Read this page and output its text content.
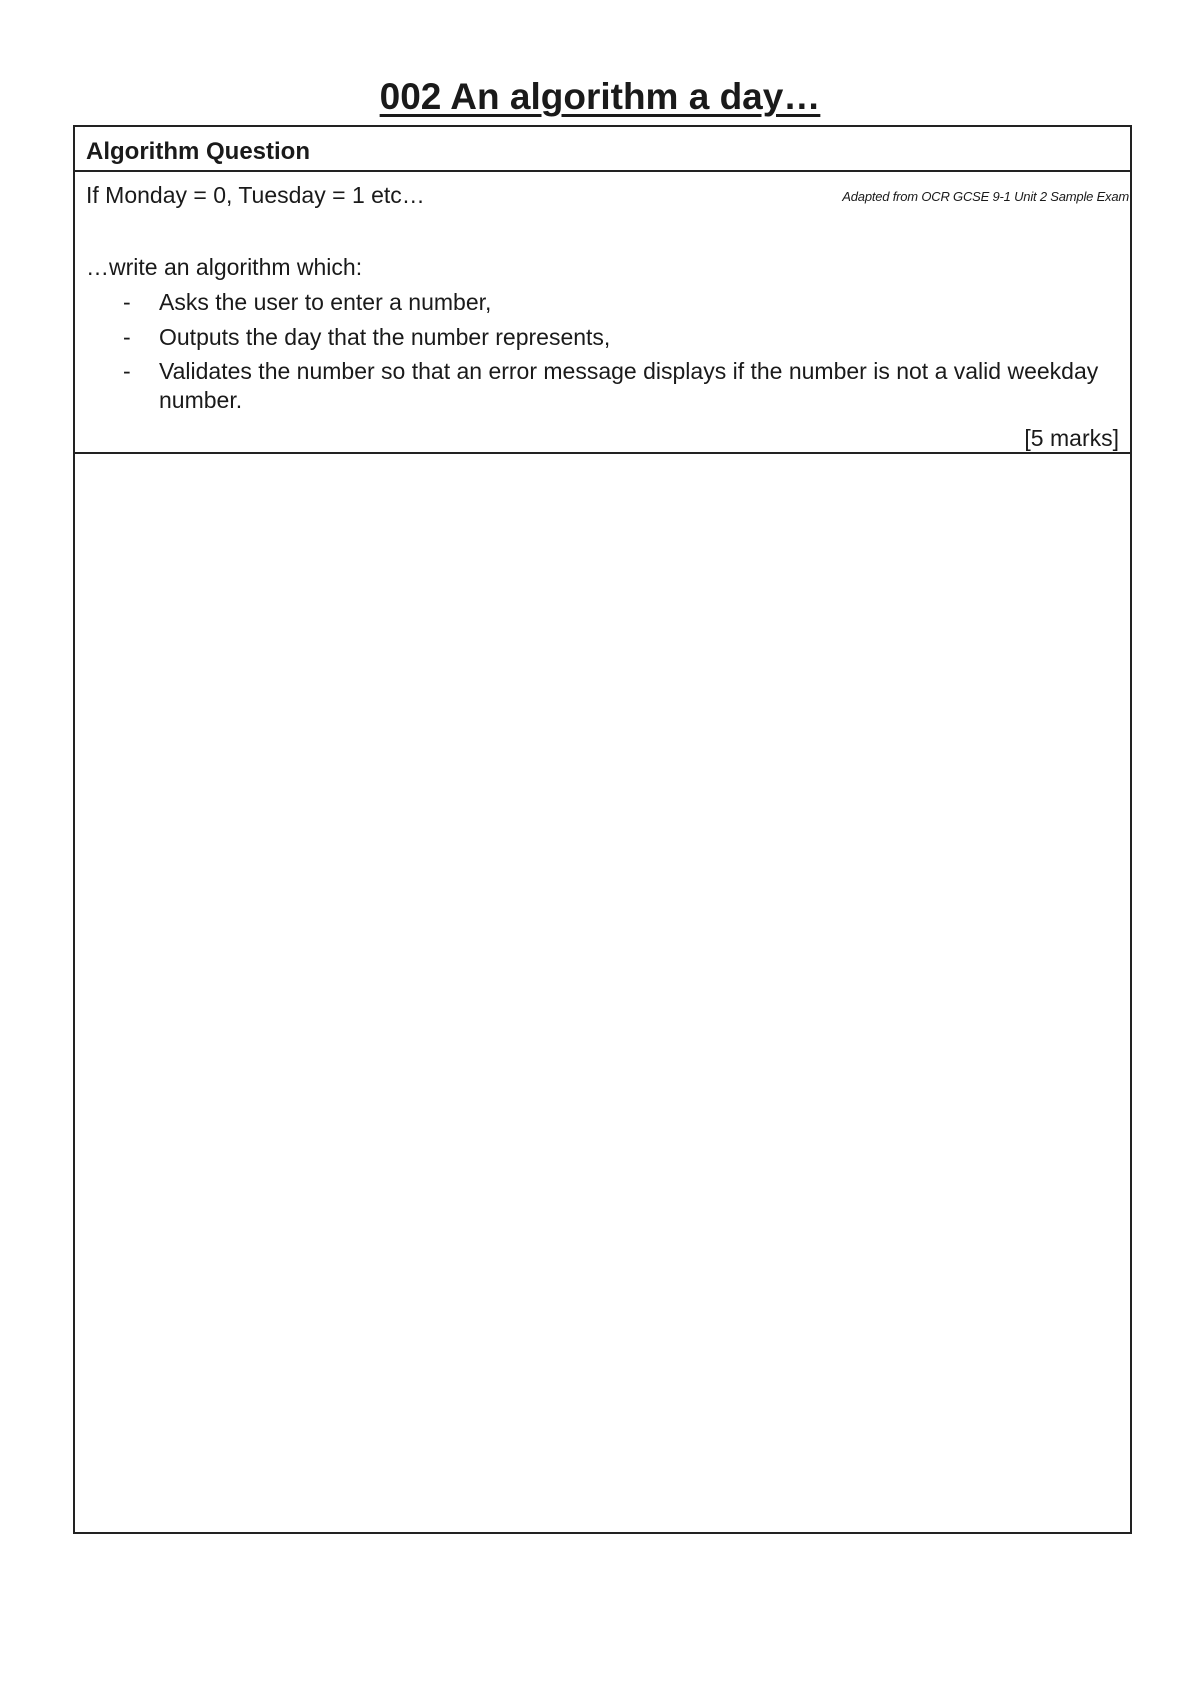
002 An algorithm a day…
Algorithm Question
If Monday = 0, Tuesday = 1 etc…	Adapted from OCR GCSE 9-1 Unit 2 Sample Exam
…write an algorithm which:
- Asks the user to enter a number,
- Outputs the day that the number represents,
- Validates the number so that an error message displays if the number is not a valid weekday number.
[5 marks]
